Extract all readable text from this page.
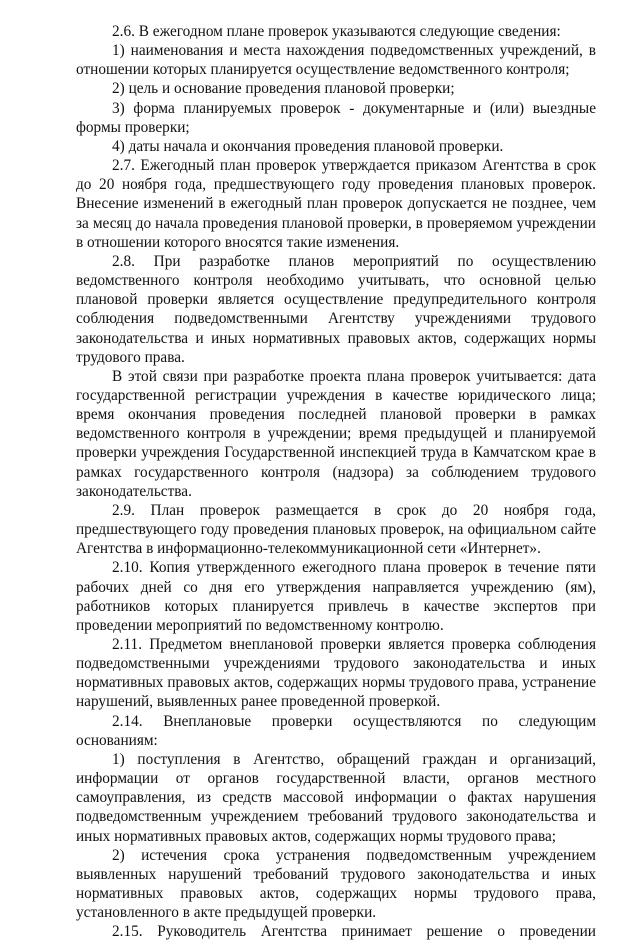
2.6. В ежегодном плане проверок указываются следующие сведения:

1) наименования и места нахождения подведомственных учреждений, в отношении которых планируется осуществление ведомственного контроля;

2) цель и основание проведения плановой проверки;

3) форма планируемых проверок - документарные и (или) выездные формы проверки;

4) даты начала и окончания проведения плановой проверки.

2.7. Ежегодный план проверок утверждается приказом Агентства в срок до 20 ноября года, предшествующего году проведения плановых проверок. Внесение изменений в ежегодный план проверок допускается не позднее, чем за месяц до начала проведения плановой проверки, в проверяемом учреждении в отношении которого вносятся такие изменения.

2.8. При разработке планов мероприятий по осуществлению ведомственного контроля необходимо учитывать, что основной целью плановой проверки является осуществление предупредительного контроля соблюдения подведомственными Агентству учреждениями трудового законодательства и иных нормативных правовых актов, содержащих нормы трудового права.

В этой связи при разработке проекта плана проверок учитывается: дата государственной регистрации учреждения в качестве юридического лица; время окончания проведения последней плановой проверки в рамках ведомственного контроля в учреждении; время предыдущей и планируемой проверки учреждения Государственной инспекцией труда в Камчатском крае в рамках государственного контроля (надзора) за соблюдением трудового законодательства.

2.9. План проверок размещается в срок до 20 ноября года, предшествующего году проведения плановых проверок, на официальном сайте Агентства в информационно-телекоммуникационной сети «Интернет».

2.10. Копия утвержденного ежегодного плана проверок в течение пяти рабочих дней со дня его утверждения направляется учреждению (ям), работников которых планируется привлечь в качестве экспертов при проведении мероприятий по ведомственному контролю.

2.11. Предметом внеплановой проверки является проверка соблюдения подведомственными учреждениями трудового законодательства и иных нормативных правовых актов, содержащих нормы трудового права, устранение нарушений, выявленных ранее проведенной проверкой.

2.14. Внеплановые проверки осуществляются по следующим основаниям:

1) поступления в Агентство, обращений граждан и организаций, информации от органов государственной власти, органов местного самоуправления, из средств массовой информации о фактах нарушения подведомственным учреждением требований трудового законодательства и иных нормативных правовых актов, содержащих нормы трудового права;

2) истечения срока устранения подведомственным учреждением выявленных нарушений требований трудового законодательства и иных нормативных правовых актов, содержащих нормы трудового права, установленного в акте предыдущей проверки.

2.15. Руководитель Агентства принимает решение о проведении
